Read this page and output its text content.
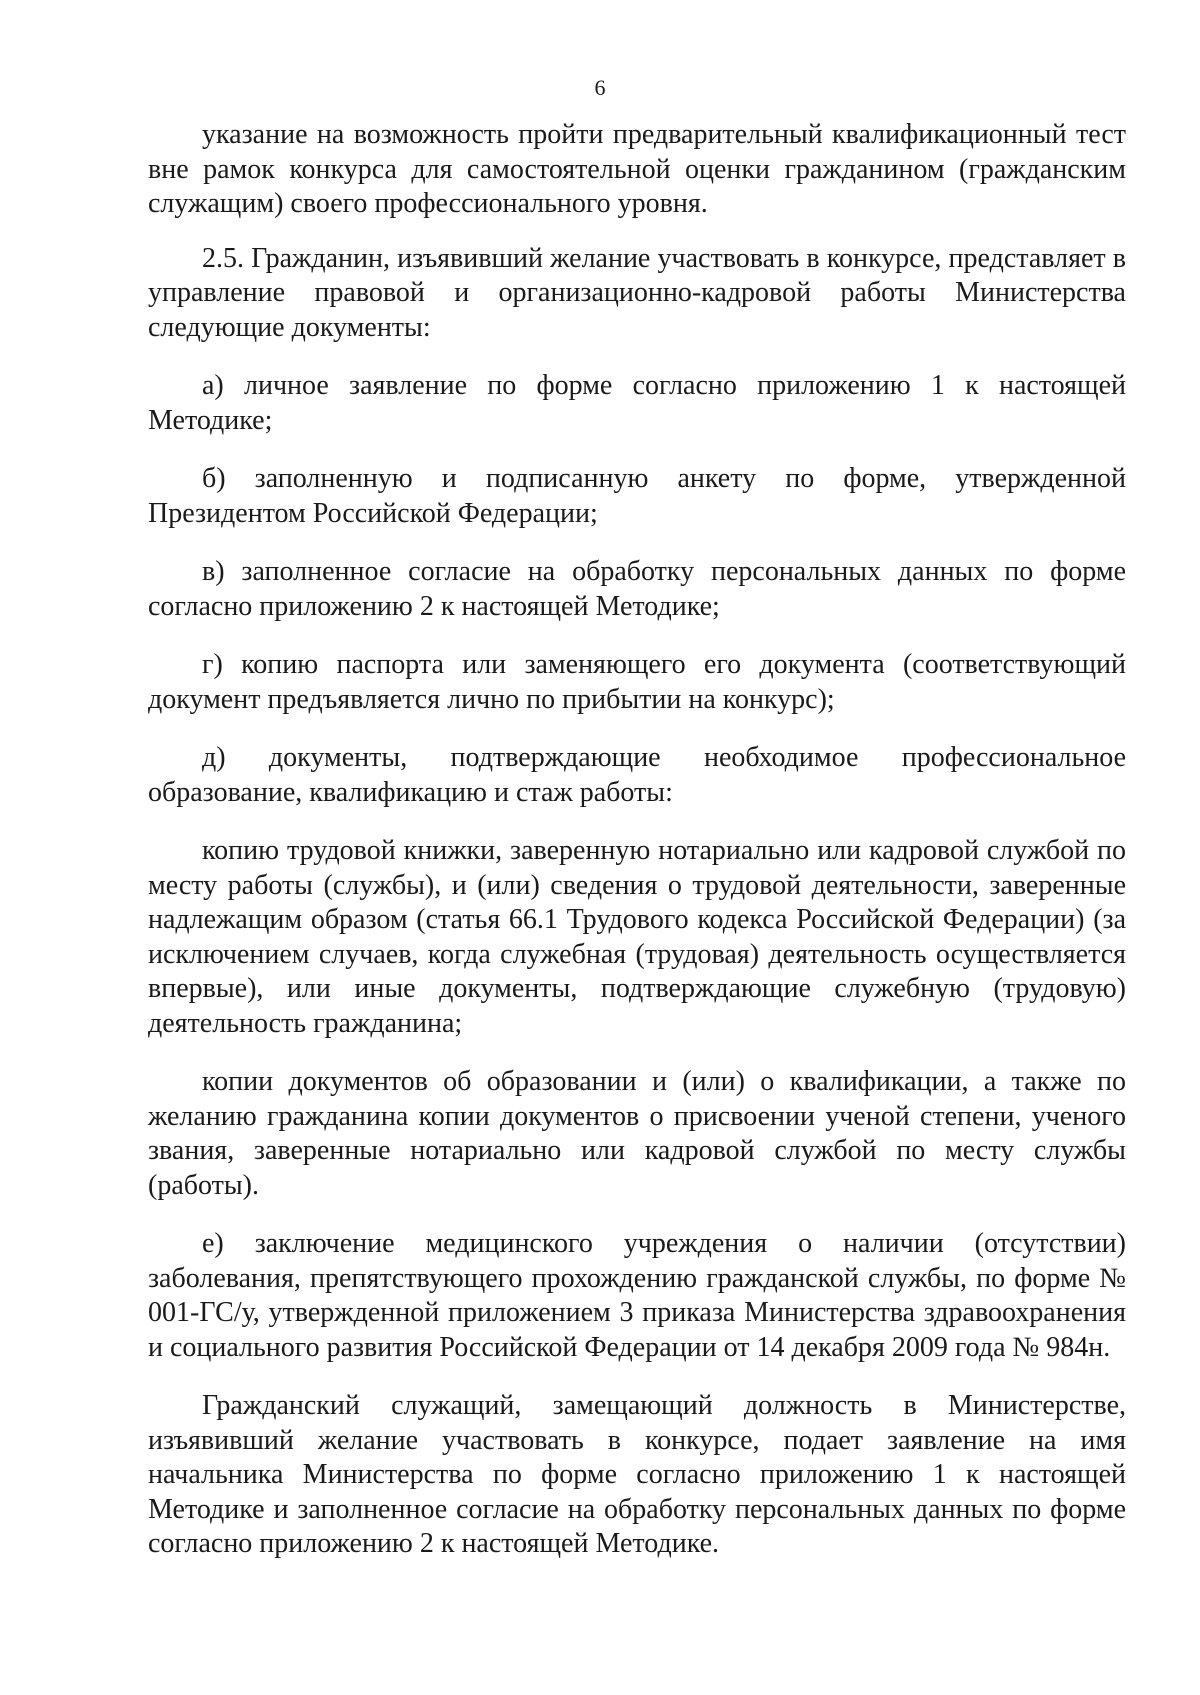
6

указание на возможность пройти предварительный квалификационный тест вне рамок конкурса для самостоятельной оценки гражданином (гражданским служащим) своего профессионального уровня.

2.5. Гражданин, изъявивший желание участвовать в конкурсе, представляет в управление правовой и организационно-кадровой работы Министерства следующие документы:

а) личное заявление по форме согласно приложению 1 к настоящей Методике;

б) заполненную и подписанную анкету по форме, утвержденной Президентом Российской Федерации;

в) заполненное согласие на обработку персональных данных по форме согласно приложению 2 к настоящей Методике;

г) копию паспорта или заменяющего его документа (соответствующий документ предъявляется лично по прибытии на конкурс);

д) документы, подтверждающие необходимое профессиональное образование, квалификацию и стаж работы:

копию трудовой книжки, заверенную нотариально или кадровой службой по месту работы (службы), и (или) сведения о трудовой деятельности, заверенные надлежащим образом (статья 66.1 Трудового кодекса Российской Федерации) (за исключением случаев, когда служебная (трудовая) деятельность осуществляется впервые), или иные документы, подтверждающие служебную (трудовую) деятельность гражданина;

копии документов об образовании и (или) о квалификации, а также по желанию гражданина копии документов о присвоении ученой степени, ученого звания, заверенные нотариально или кадровой службой по месту службы (работы).

е) заключение медицинского учреждения о наличии (отсутствии) заболевания, препятствующего прохождению гражданской службы, по форме № 001-ГС/у, утвержденной приложением 3 приказа Министерства здравоохранения и социального развития Российской Федерации от 14 декабря 2009 года № 984н.

Гражданский служащий, замещающий должность в Министерстве, изъявивший желание участвовать в конкурсе, подает заявление на имя начальника Министерства по форме согласно приложению 1 к настоящей Методике и заполненное согласие на обработку персональных данных по форме согласно приложению 2 к настоящей Методике.
